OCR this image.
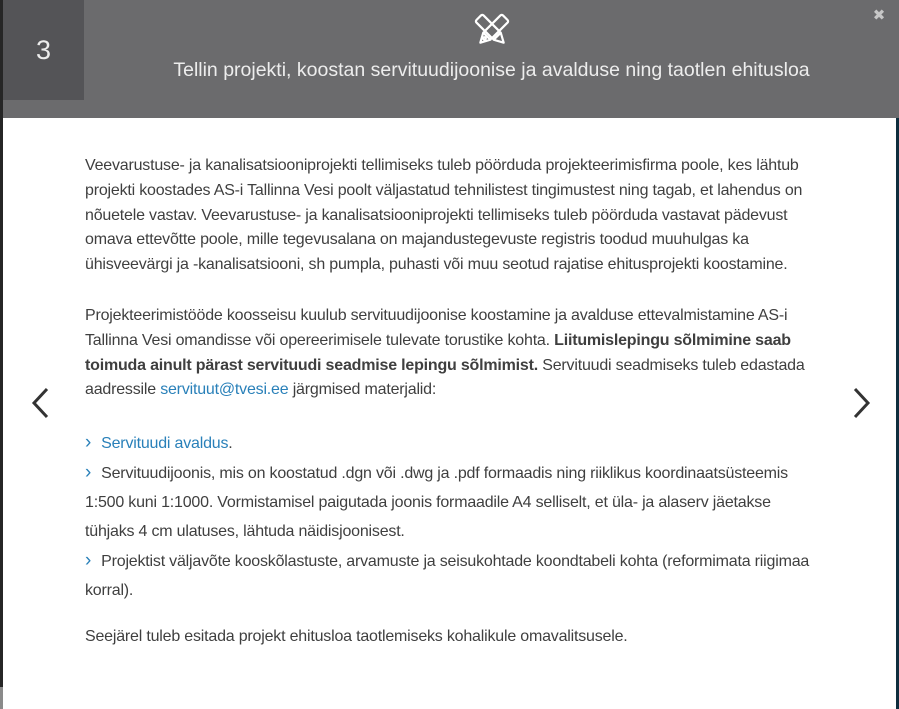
3
Tellin projekti, koostan servituudijoonise ja avalduse ning taotlen ehitusloa
✖

Veevarustuse- ja kanalisatsiooniprojekti tellimiseks tuleb pöörduda projekteerimisfirma poole, kes lähtub projekti koostades AS-i Tallinna Vesi poolt väljastatud tehnilistest tingimustest ning tagab, et lahendus on nõuetele vastav. Veevarustuse- ja kanalisatsiooniprojekti tellimiseks tuleb pöörduda vastavat pädevust omava ettevõtte poole, mille tegevusalana on majandustegevuste registris toodud muuhulgas ka ühisveevärgi ja -kanalisatsiooni, sh pumpla, puhasti või muu seotud rajatise ehitusprojekti koostamine.

Projekteerimistööde koosseisu kuulub servituudijoonise koostamine ja avalduse ettevalmistamine AS-i Tallinna Vesi omandisse või opereerimisele tulevate torustike kohta. Liitumislepingu sõlmimine saab toimuda ainult pärast servituudi seadmise lepingu sõlmimist. Servituudi seadmiseks tuleb edastada aadressile servituut@tvesi.ee järgmised materjalid:

› Servituudi avaldus.

› Servituudijoonis, mis on koostatud .dgn või .dwg ja .pdf formaadis ning riiklikus koordinaatsüsteemis 1:500 kuni 1:1000. Vormistamisel paigutada joonis formaadile A4 selliselt, et üla- ja alaserv jäetakse tühjaks 4 cm ulatuses, lähtuda näidisjoonisest.

› Projektist väljavõte kooskõlastuste, arvamuste ja seisukohtade koondtabeli kohta (reformimata riigimaa korral).

Seejärel tuleb esitada projekt ehitusloa taotlemiseks kohalikule omavalitsusele.
